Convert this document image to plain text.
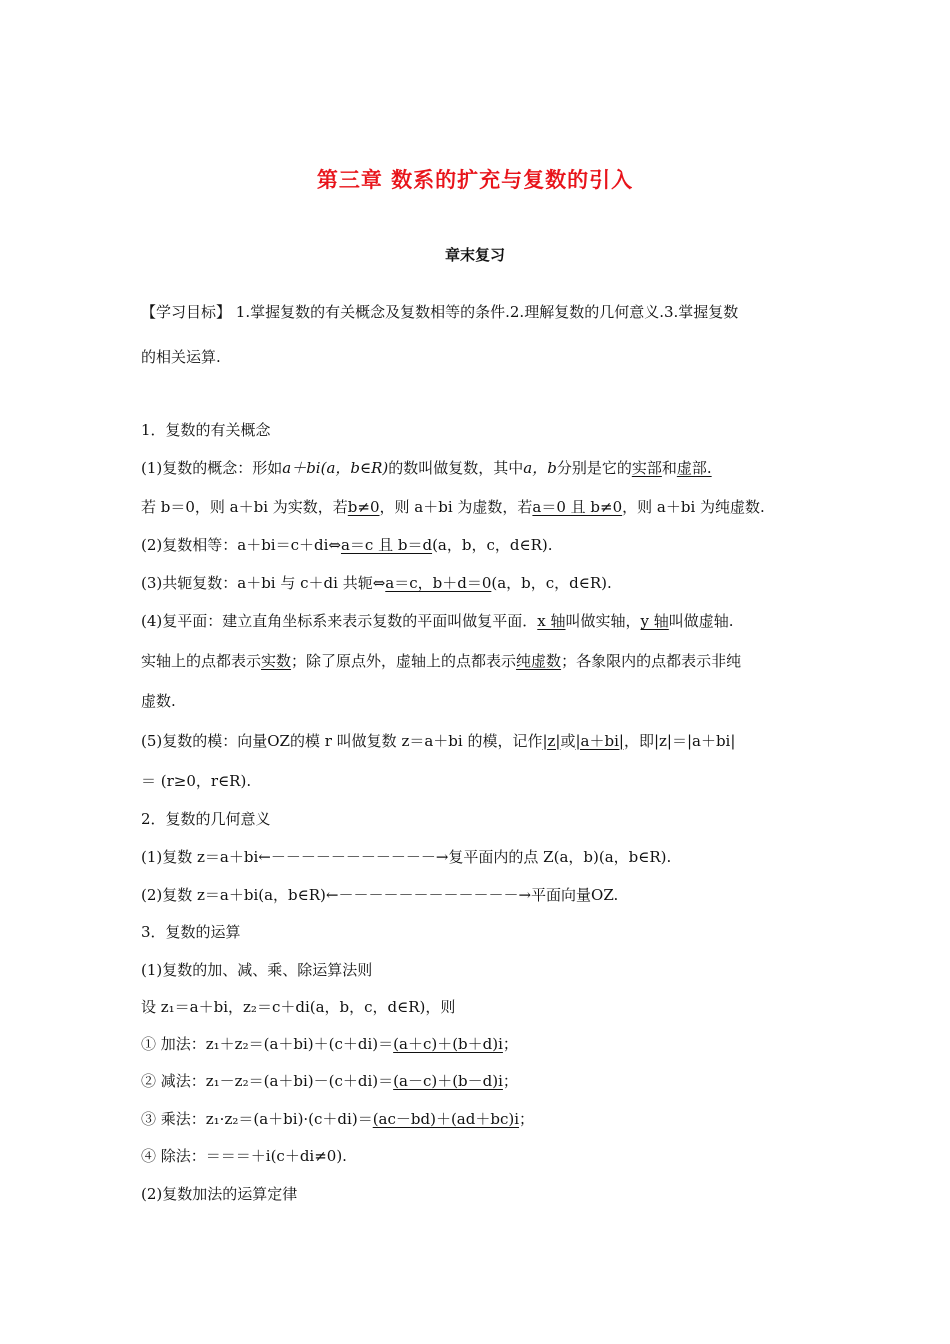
第三章 数系的扩充与复数的引入
章末复习
【学习目标】 1.掌握复数的有关概念及复数相等的条件.2.理解复数的几何意义.3.掌握复数
的相关运算.
1．复数的有关概念
(1)复数的概念：形如a＋bi(a，b∈R)的数叫做复数，其中a，b分别是它的实部和虚部.
若 b＝0，则 a＋bi 为实数，若b≠0，则 a＋bi 为虚数，若a＝0 且 b≠0，则 a＋bi 为纯虚数.
(2)复数相等：a＋bi＝c＋di⇔a＝c 且 b＝d(a，b，c，d∈R).
(3)共轭复数：a＋bi 与 c＋di 共轭⇔a＝c，b＋d＝0(a，b，c，d∈R).
(4)复平面：建立直角坐标系来表示复数的平面叫做复平面．x 轴叫做实轴，y 轴叫做虚轴.
实轴上的点都表示实数；除了原点外，虚轴上的点都表示纯虚数；各象限内的点都表示非纯
虚数.
(5)复数的模：向量OZ的模 r 叫做复数 z＝a＋bi 的模，记作|z|或|a＋bi|，即|z|＝|a＋bi|
＝ (r≥0，r∈R).
2．复数的几何意义
(1)复数 z＝a＋bi←－－－－－－－－－－－→复平面内的点 Z(a，b)(a，b∈R).
(2)复数 z＝a＋bi(a，b∈R)←－－－－－－－－－－－－→平面向量OZ.
3．复数的运算
(1)复数的加、减、乘、除运算法则
设 z₁＝a＋bi，z₂＝c＋di(a，b，c，d∈R)，则
① 加法：z₁＋z₂＝(a＋bi)＋(c＋di)＝(a＋c)＋(b＋d)i；
② 减法：z₁－z₂＝(a＋bi)－(c＋di)＝(a－c)＋(b－d)i；
③ 乘法：z₁·z₂＝(a＋bi)·(c＋di)＝(ac－bd)＋(ad＋bc)i；
④ 除法：＝＝＝＋i(c＋di≠0).
(2)复数加法的运算定律
